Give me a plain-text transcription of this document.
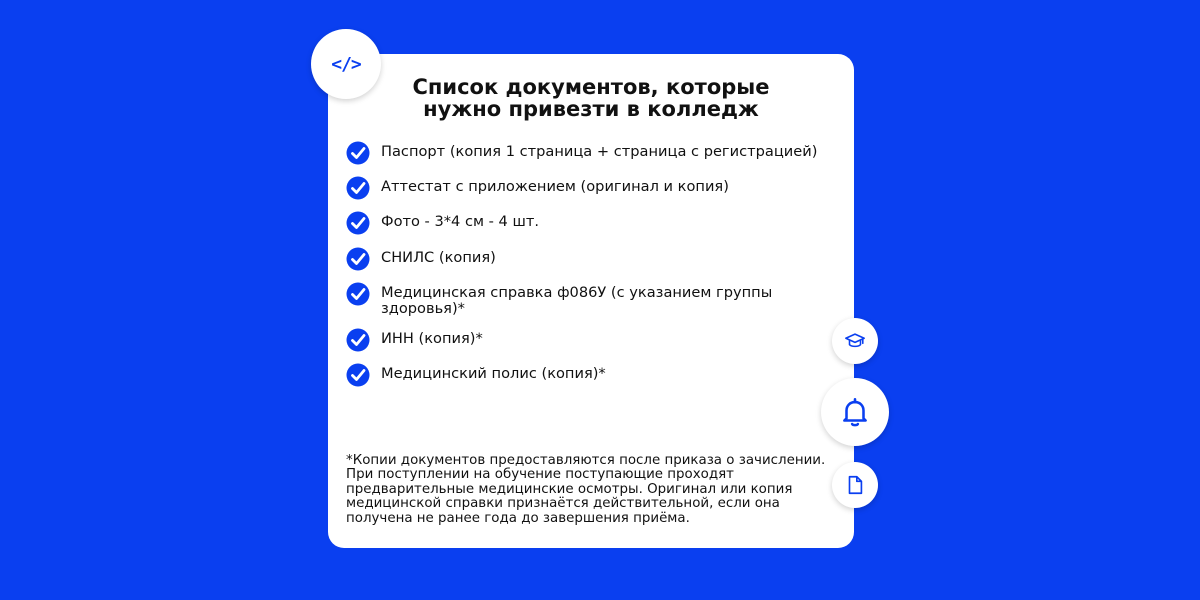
Список документов, которые
нужно привезти в колледж
Паспорт (копия 1 страница + страница с регистрацией)
Аттестат с приложением (оригинал и копия)
Фото - 3*4 см - 4 шт.
СНИЛС (копия)
Медицинская справка ф086У (с указанием группы здоровья)*
ИНН (копия)*
Медицинский полис (копия)*
*Копии документов предоставляются после приказа о зачислении. При поступлении на обучение поступающие проходят предварительные медицинские осмотры. Оригинал или копия медицинской справки признаётся действительной, если она получена не ранее года до завершения приёма.
</>
